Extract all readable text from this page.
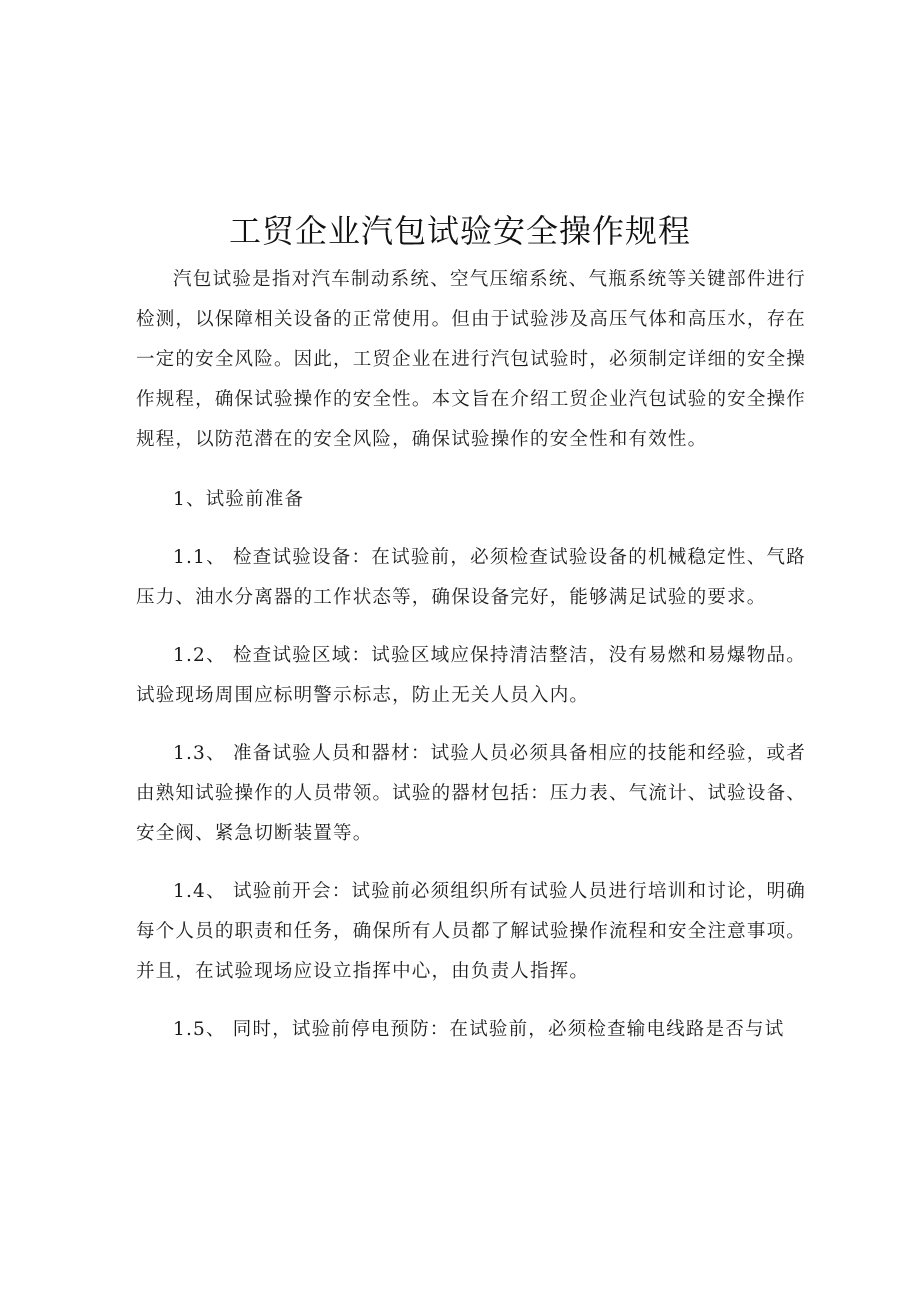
工贸企业汽包试验安全操作规程

汽包试验是指对汽车制动系统、空气压缩系统、气瓶系统等关键部件进行检测，以保障相关设备的正常使用。但由于试验涉及高压气体和高压水，存在一定的安全风险。因此，工贸企业在进行汽包试验时，必须制定详细的安全操作规程，确保试验操作的安全性。本文旨在介绍工贸企业汽包试验的安全操作规程，以防范潜在的安全风险，确保试验操作的安全性和有效性。

1、试验前准备

1.1、 检查试验设备：在试验前，必须检查试验设备的机械稳定性、气路压力、油水分离器的工作状态等，确保设备完好，能够满足试验的要求。

1.2、 检查试验区域：试验区域应保持清洁整洁，没有易燃和易爆物品。试验现场周围应标明警示标志，防止无关人员入内。

1.3、 准备试验人员和器材：试验人员必须具备相应的技能和经验，或者由熟知试验操作的人员带领。试验的器材包括：压力表、气流计、试验设备、安全阀、紧急切断装置等。

1.4、 试验前开会：试验前必须组织所有试验人员进行培训和讨论，明确每个人员的职责和任务，确保所有人员都了解试验操作流程和安全注意事项。并且，在试验现场应设立指挥中心，由负责人指挥。

1.5、 同时，试验前停电预防：在试验前，必须检查输电线路是否与试
